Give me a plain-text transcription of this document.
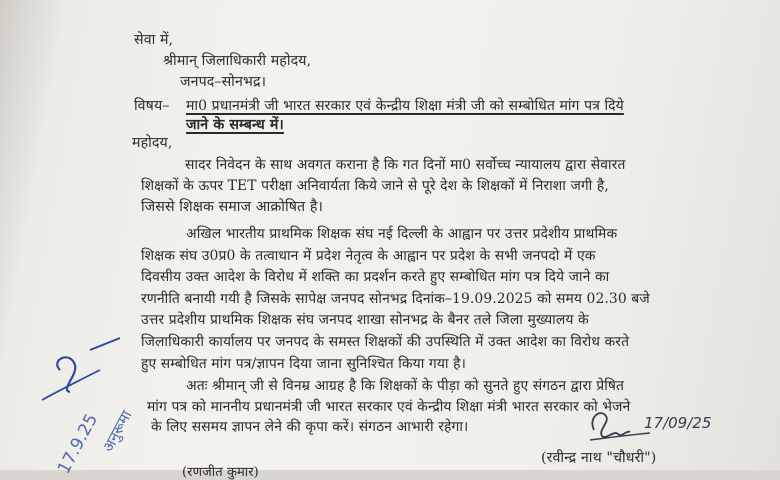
सेवा में,
श्रीमान् जिलाधिकारी महोदय,
जनपद–सोनभद्र।
विषय– मा0 प्रधानमंत्री जी भारत सरकार एवं केन्द्रीय शिक्षा मंत्री जी को सम्बोधित मांग पत्र दिये
जाने के सम्बन्ध में।
महोदय,
सादर निवेदन के साथ अवगत कराना है कि गत दिनों मा0 सर्वोच्च न्यायालय द्वारा सेवारत
शिक्षकों के ऊपर TET परीक्षा अनिवार्यता किये जाने से पूरे देश के शिक्षकों में निराशा जगी है,
जिससे शिक्षक समाज आक्रोषित है।
अखिल भारतीय प्राथमिक शिक्षक संघ नई दिल्ली के आह्वान पर उत्तर प्रदेशीय प्राथमिक
शिक्षक संघ उ0प्र0 के तत्वाधान में प्रदेश नेतृत्व के आह्वान पर प्रदेश के सभी जनपदो में एक
दिवसीय उक्त आदेश के विरोध में शक्ति का प्रदर्शन करते हुए सम्बोधित मांग पत्र दिये जाने का
रणनीति बनायी गयी है जिसके सापेक्ष जनपद सोनभद्र दिनांक–19.09.2025 को समय 02.30 बजे
उत्तर प्रदेशीय प्राथमिक शिक्षक संघ जनपद शाखा सोनभद्र के बैनर तले जिला मुख्यालय के
जिलाधिकारी कार्यालय पर जनपद के समस्त शिक्षकों की उपस्थिति में उक्त आदेश का विरोध करते
हुए सम्बोधित मांग पत्र/ज्ञापन दिया जाना सुनिश्चित किया गया है।
अतः श्रीमान् जी से विनम्र आग्रह है कि शिक्षकों के पीड़ा को सुनते हुए संगठन द्वारा प्रेषित
मांग पत्र को माननीय प्रधानमंत्री जी भारत सरकार एवं केन्द्रीय शिक्षा मंत्री भारत सरकार को भेजने
के लिए ससमय ज्ञापन लेने की कृपा करें। संगठन आभारी रहेगा।
(रवीन्द्र नाथ "चौधरी")
(रणजीत कुमार)
17/09/25
17.9.25
अनुरूमा
